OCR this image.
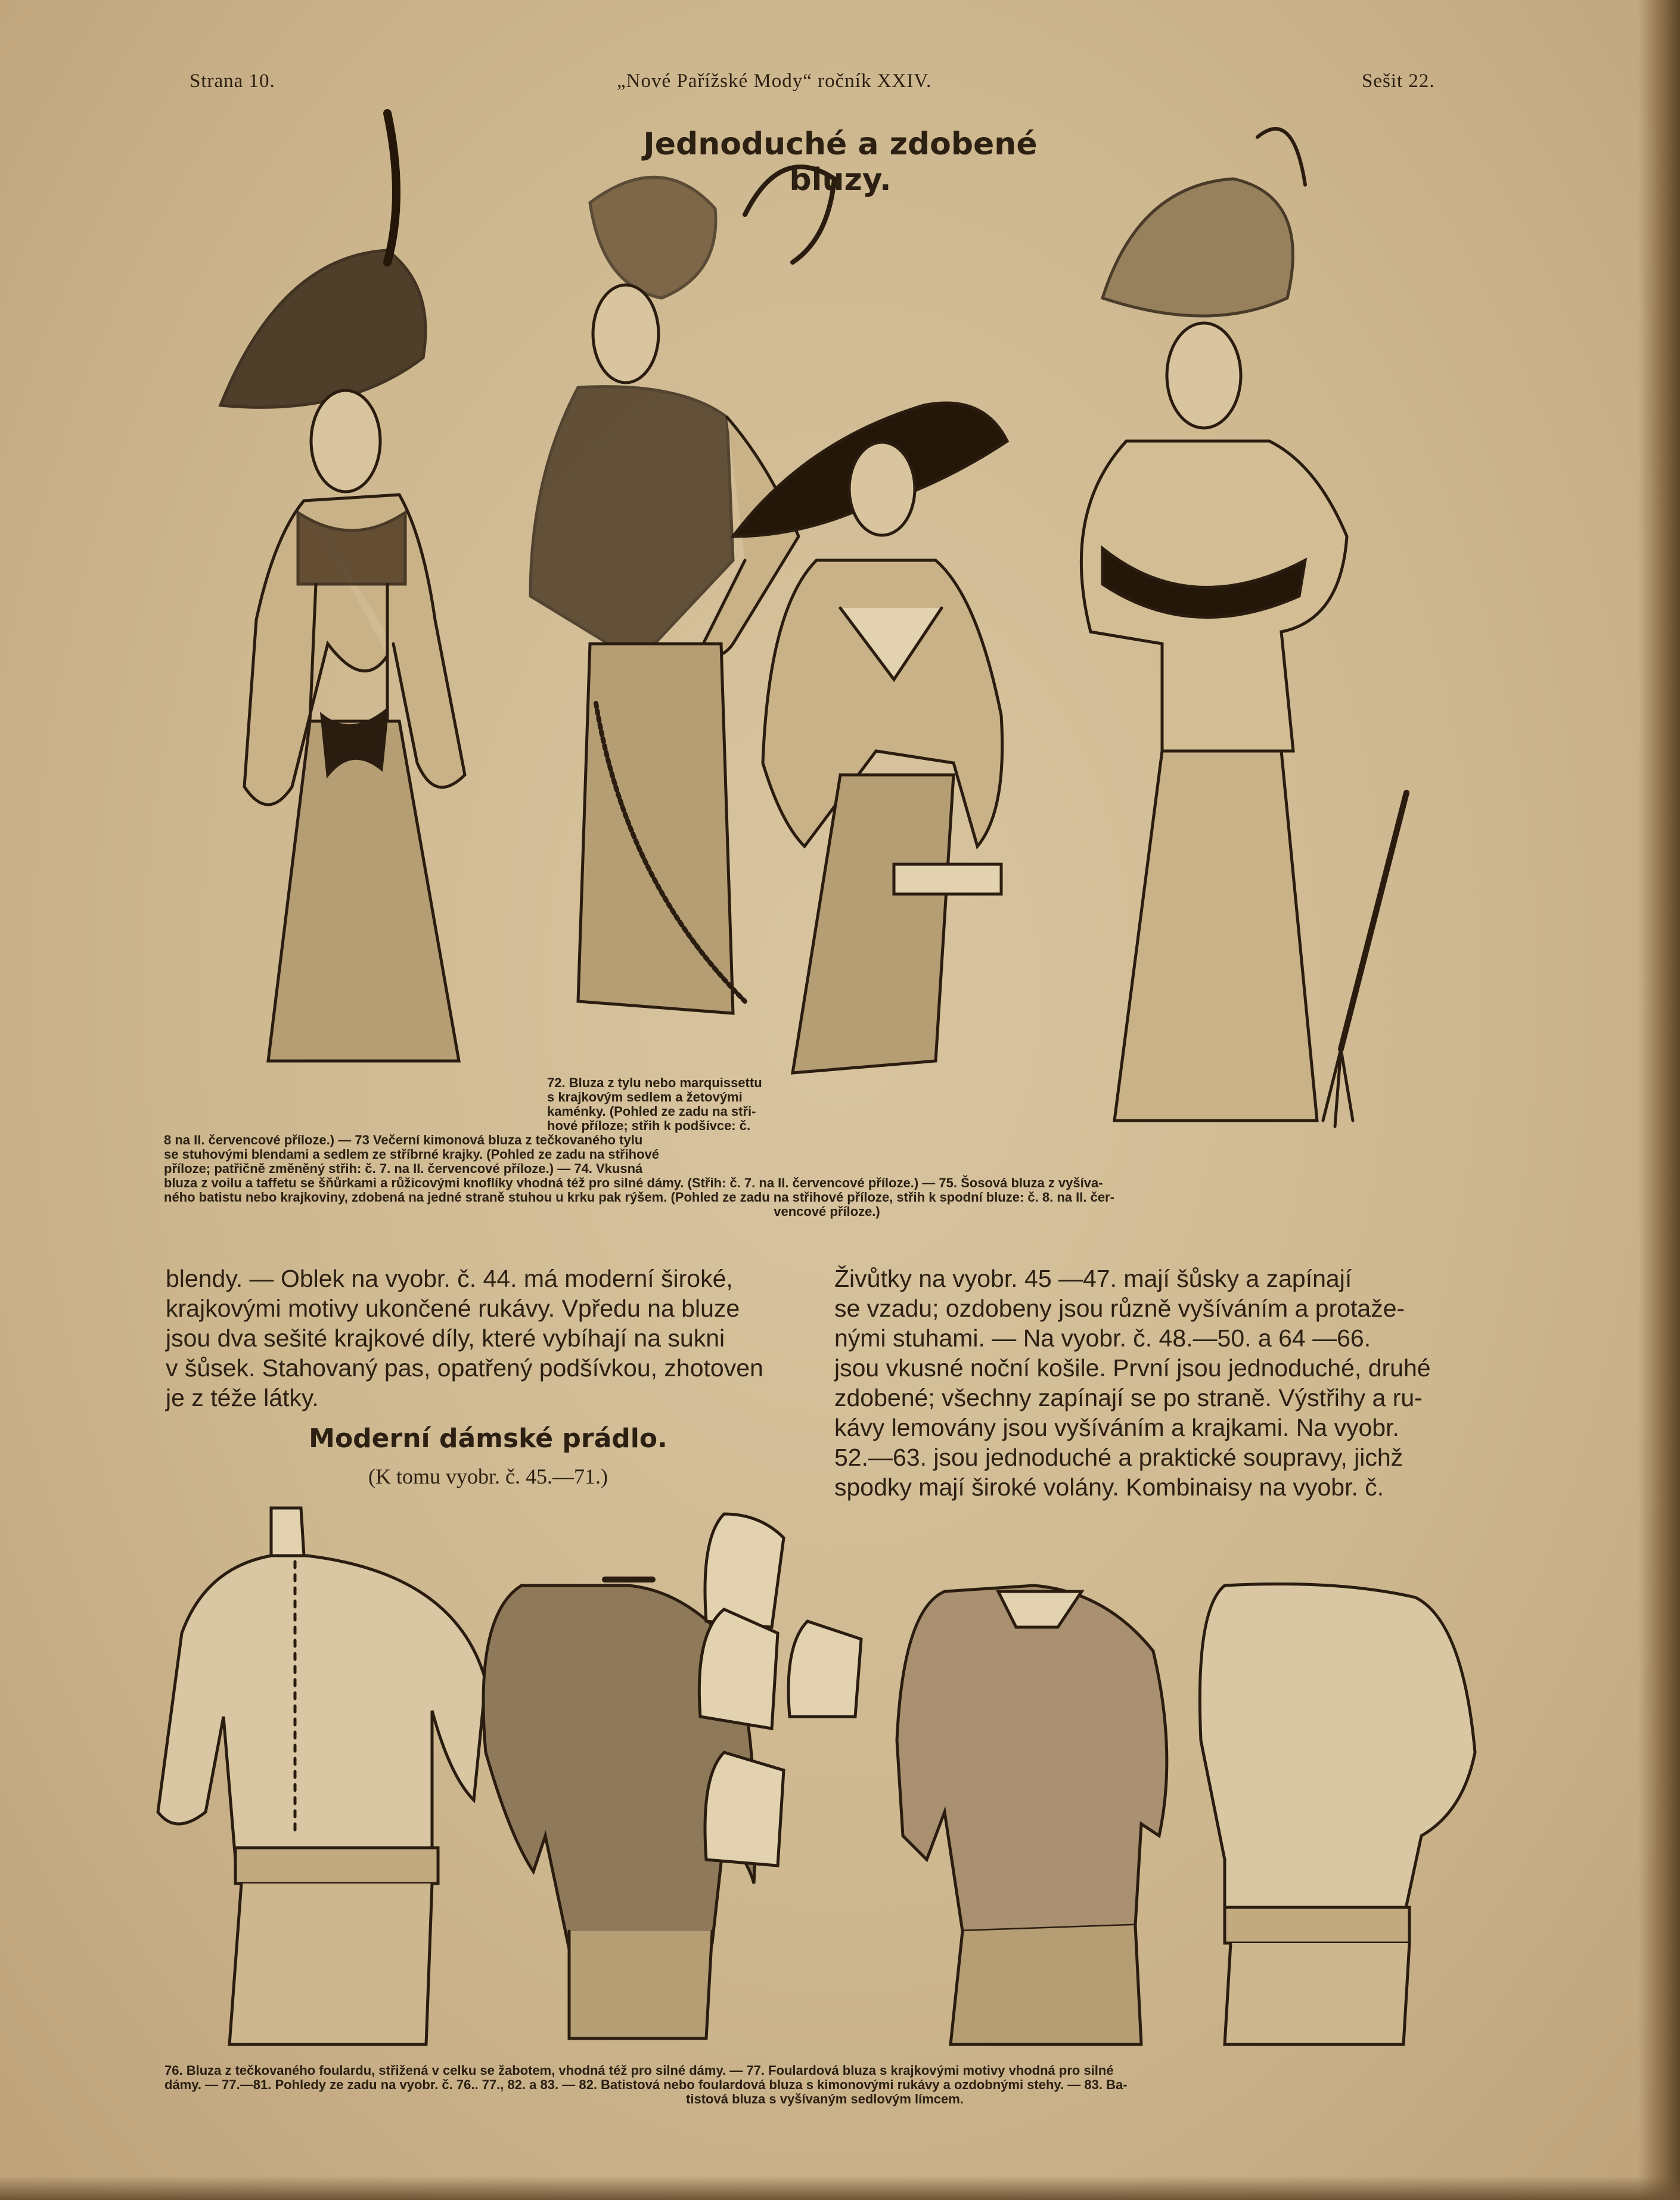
Strana 10.	„Nové Pařížské Mody“ ročník XXIV.	Sešit 22.
Jednoduché a zdobené bluzy.

72. Bluza z tylu nebo marquissettu

s krajkovým sedlem a žetovými

kaménky. (Pohled ze zadu na stři-

hové příloze; střih k podšívce: č.

8 na II. červencové příloze.) — 73 Večerní kimonová bluza z tečkovaného tylu

se stuhovými blendami a sedlem ze stříbrné krajky. (Pohled ze zadu na střihové

příloze; patřičně změněný střih: č. 7. na II. červencové příloze.) — 74. Vkusná

bluza z voilu a taffetu se šňůrkami a růžicovými knoflíky vhodná též pro silné dámy. (Střih: č. 7. na II. červencové příloze.) — 75. Šosová bluza z vyšíva-

ného batistu nebo krajkoviny, zdobená na jedné straně stuhou u krku pak rýšem. (Pohled ze zadu na střihové příloze, střih k spodní bluze: č. 8. na II. čer-

vencové příloze.)

blendy. — Oblek na vyobr. č. 44. má moderní široké,

krajkovými motivy ukončené rukávy. Vpředu na bluze

jsou dva sešité krajkové díly, které vybíhají na sukni

v šůsek. Stahovaný pas, opatřený podšívkou, zhotoven

je z téže látky.

Moderní dámské prádlo.
(K tomu vyobr. č. 45.—71.)

Živůtky na vyobr. 45 —47. mají šůsky a zapínají

se vzadu; ozdobeny jsou různě vyšíváním a protaže-

nými stuhami. — Na vyobr. č. 48.—50. a 64 —66.

jsou vkusné noční košile. První jsou jednoduché, druhé

zdobené; všechny zapínají se po straně. Výstřihy a ru-

kávy lemovány jsou vyšíváním a krajkami. Na vyobr.

52.—63. jsou jednoduché a praktické soupravy, jichž

spodky mají široké volány. Kombinaisy na vyobr. č.

76. Bluza z tečkovaného foulardu, střižená v celku se žabotem, vhodná též pro silné dámy. — 77. Foulardová bluza s krajkovými motivy vhodná pro silné

dámy. — 77.—81. Pohledy ze zadu na vyobr. č. 76.. 77., 82. a 83. — 82. Batistová nebo foulardová bluza s kimonovými rukávy a ozdobnými stehy. — 83. Ba-

tistová bluza s vyšívaným sedlovým límcem.
